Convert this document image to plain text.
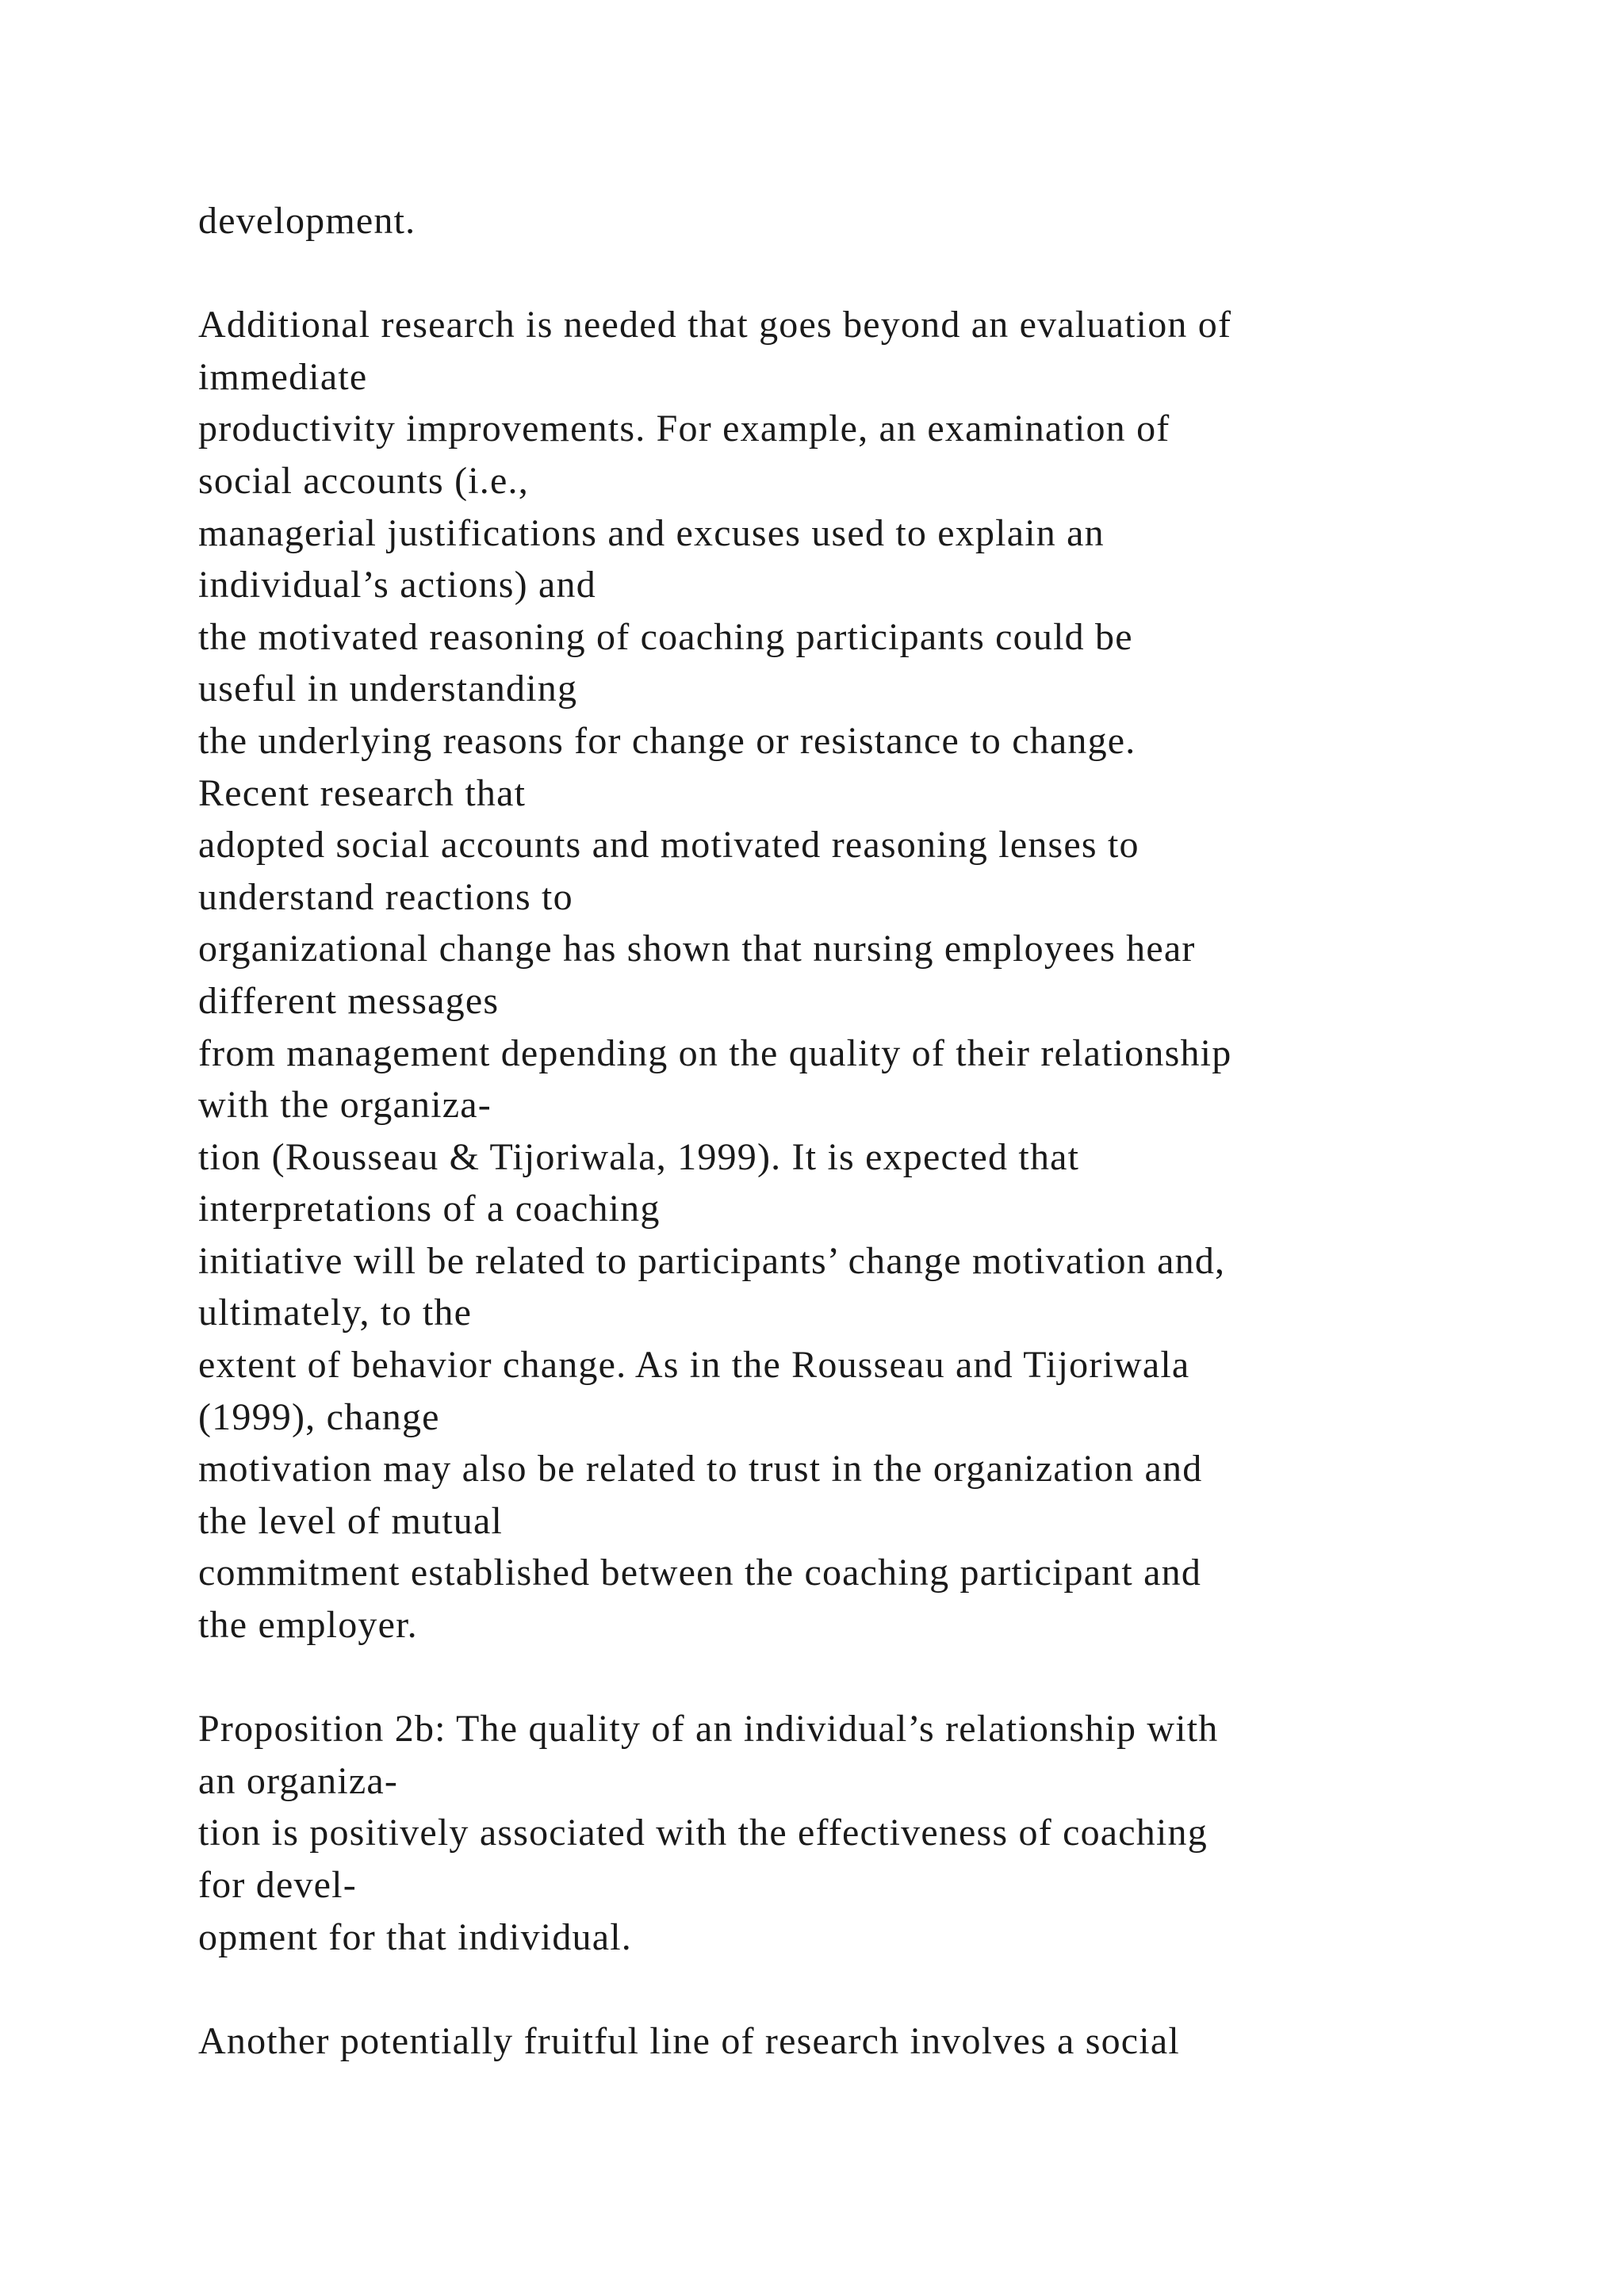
development.
Additional research is needed that goes beyond an evaluation of
immediate
productivity improvements. For example, an examination of
social accounts (i.e.,
managerial justifications and excuses used to explain an
individual’s actions) and
the motivated reasoning of coaching participants could be
useful in understanding
the underlying reasons for change or resistance to change.
Recent research that
adopted social accounts and motivated reasoning lenses to
understand reactions to
organizational change has shown that nursing employees hear
different messages
from management depending on the quality of their relationship
with the organiza-
tion (Rousseau & Tijoriwala, 1999). It is expected that
interpretations of a coaching
initiative will be related to participants’ change motivation and,
ultimately, to the
extent of behavior change. As in the Rousseau and Tijoriwala
(1999), change
motivation may also be related to trust in the organization and
the level of mutual
commitment established between the coaching participant and
the employer.
Proposition 2b: The quality of an individual’s relationship with
an organiza-
tion is positively associated with the effectiveness of coaching
for devel-
opment for that individual.
Another potentially fruitful line of research involves a social
